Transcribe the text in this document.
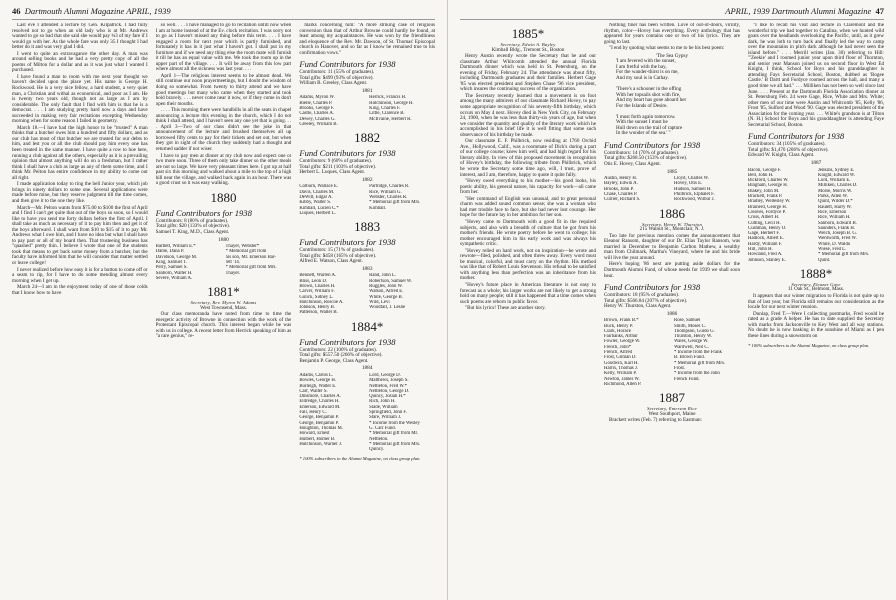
46 Dartmouth Alumni Magazine APRIL, 1939

Last eve I attended a lecture by Gen. Kilpatrick. I had fully resolved not to go when an old lady who is at Mr. Andrews wanted to go so bad that she said she would pay ¾3 of my fare if I would go with her. As the whole fare was only 35 I thought I had better do it and was very glad I did.

I went to quite an extravagance the other day. A man was around selling books and he had a very pretty copy of all the poems of Milton for a dollar and as it was just what I wanted I purchased.

I have found a man to room with me next year thought we haven't decided upon the place yet. His name is George H. Rockwood. He is a very nice fellow, a hard student, a very quiet man, a Christian and withal as economical, and poor as I am. He is twenty two years old, though not as large as I am by considerable. The only fault that I find with him is that he is a democrat. . . . I am studying pretty hard now a days and have succeeded in making very fair recitations excepting Wednesday morning when for some reason I failed in geometry.

March 18.—I have had the high honor to be "trusted" A man thinks that a butcher owes him a hundred and fifty dollars, and as our club has most of that butcher we are trusted for our debts to him, and lest you or all the club should pay him every one has been treated in the same manner. I have quite a row to hoe here, running a club against all the others, especially as it is a prevailing opinion that almost anything will do on a freshman, but I rather think I shall have a club as large as any of them some time, and I think Mr. Pelton has entire confidence in my ability to come out all right.

I made application today to ring the bell Junior year, which job brings in ninety dollars to some one. Several applications were made before mine, but they reserve judgment till the time comes, and then give it to the one they like.

March—Mr. Pelton wants from $75.00 to $100 the first of April and I find I can't get quite that out of the boys so soon, so I would like to have you send me forty dollars before the first of April. I shall take as much as necessary of it to pay him then and get it of the boys afterward. I shall want from $10 to $15 of it to pay Mr. Andrews what I owe him, and I have no idea but what I shall have to pay part or all of my board then. That trusteeing business has "quashed" pretty thin. I believe I wrote that one of the students took that means to get back some money from a butcher, but the faculty have informed him that he will consider that matter settled or leave college!

I never realized before how easy it is for a button to come off or a seam to rip, for I have to do some mending almost every morning when I get up.

March 24—I am in the enjoyment today of one of those colds that I know how to have

so well. . . . I have managed to go to recitation untill now when I am at home instead of at the Ev. clock recitation. I was sorry not to go as I haven't missed any thing before this term. . . . I have engaged a room for next year which is partly furnished, and fortunately it has in it just what I haven't got. I shall put in my furniture and if we need any thing else the room mate will furnish it till he has an equal value with me. We took the room up in the upper part of the village. . . . It will be away from this low part where almost all the sickness was last year. . . .

April 1—The religious interest seems to be almost dead. We still continue our noon prayermeetings, but I doubt the wisdom of doing so somewhat. From twenty to thirty attend and we have good meetings but many who came when they started and took hold bravely. . . . never come near it now, or if they come in don't open their mouths.

. . . . This morning there were handbills in all the seats in chapel announcing a lecture this evening in the church, which I do not think I shall attend, and I haven't seen any one yet that is going. . . . April 3—Two of our class didn't see the joke in that announcement of the lecture and brushed themselves all up borrowed fifty cents to pay for their tickets and set out, but when they got in sight of the church they suddenly had a thought and returned sadder if not wiser.

I have to pay men at dinner at my club now and expect one or two more soon. Three of them only take dinner so the other meals are not so large. We have very pleasant times here. I got up at half past six this morning and walked about a mile to the top of a high hill near the village, and walked back again in an hour. There was a good crust so it was easy walking.

1880
Fund Contributors for 1938
Contributors: 8 (80% of graduates).
Total gifts: $20 (133% of objective).
Samuel T. King, M.D., Class Agent.
1880
Bartlett, William E.*	Thayer, Webster*
Dame, Dana P.	* Memorial gift from
Davidson, George M.	his son, Mr. Emerson Bar-
King, Samuel T.	rett '14.
Perry, Samuel S.	* Memorial gift from Mrs.
Sanborn, Walter H.	Thayer.
Severe, William A.
1881*
Secretary, Rev. Myron W. Adams
West Townsend, Mass.

Our class memoranda have noted from time to time the energetic activity of Browne in connection with the work of the Protestant Episcopal church. This interest began while he was with us in college. A recent letter from Herrick speaking of him as "a rare genius," re-

marks concerning him: "A more striking case of religious conversion than that of Arthur Browne could hardly be found, at least among my acquaintances. He was won by the friendliness and eloquence of the Rev. Mr. Dawson, of St. Thomas' Episcopal church in Hanover, and so far as I know he remained true to his confirmation vows."

Fund Contributors for 1938
Contributors: 11 (55% of graduates).
Total gifts: $499 (93% of objective).
William B. Greeley, Class Agent.
1881
Adams, Myron W.	Herrick, Francis H.
Bielle, Charles P.	Hutchinson, George H.
Brooks, George F.	King, Charles F.
Castle, Charles A.	Little, Clarence B.
Dewey, Charles G.	McIlvaine, Herbert R.
Greeley, William B.
1882
Fund Contributors for 1938
Contributors: 9 (60% of graduates).
Total gifts: $211 (103% of objective).
Herbert L. Luques, Class Agent.
1882
Colburn, Wallace E.	Partridge, Charles R.
Davis, Charles M.	Rice, William G.
DeWitt, Edgar A.	Webster, Charles R.
Kibby, Walter S.	* Memorial gift from Mrs.
Kimball, Lucien C.*	Kimball.
Luques, Herbert L.
1883
Fund Contributors for 1938
Contributors: 15 (71% of graduates).
Total gifts: $458 (165% of objective).
Alfred E. Watson, Class Agent.
1883
Bennett, Warren A.	Rand, John L.
Bliss, Leon D.	Robertson, Samuel W.
Brown, Charles H.	Ruggles, John W.
Carver, William F.	Watson, Alfred E.
Gulick, Sidney L.	White, George B.
Hutchinson, Roscoe A.	Wild, Levi
Johnson, Henry B.	Woodfall, J. Leslie
Patterson, Walter B.
1884*
Fund Contributors for 1938
Contributors: 22 (100% of graduates).
Total gifts: $557.50 (266% of objective).
Benjamin P. George, Class Agent.
1884
Adams, Carlos L.	Lord, George D.
Bowles, George H.	Matthews, Joseph S.
Burleigh, Walter E.	Nettleton, Fred W.*
Carr, Walter S.	Nettleton, George D.
Dinsmore, Charles A.	Quincy, Josiah H.*
Eldredge, Charles H.	Rich, John H.
Emerson, Edward M.	Slade, William
Fall, Henry C.	Springfield, John F.
George, Benjamin P.	Stare, William J.
George, Benjamin P.	* Income from the Wesley
Houghton, Thomas M.	G. Carr Fund.
Howard, Ernest	* Memorial gift from Mr.
Hulbert, Homer B.	Nettleton.
Hutchinson, Warner J.	* Memorial gift from Mrs.
Quincy.
* 100% subscribers to the Alumni Magazine, on class group plan.
APRIL, 1939 Dartmouth Alumni Magazine 47
1885*
Secretary, Edwin A. Bayley
Kimball Bldg., Tremont St., Boston

Henry Austin recently wrote the Secretary that he and our classmate Arthur Whitcomb attended the annual Florida Dartmouth dinner which was held in St. Petersburg, on the evening of Friday, February 24. The attendance was about fifty, including Dartmouth graduates and their families. Herbert Gage '85 was elected president and Stephen Chase '96 vice president, which insures the continuing success of the organization.

The Secretary recently learned that a movement is on foot among the many admirers of our classmate Richard Hovey, to pay some appropriate recognition of his seventy-fifth birthday, which occurs on May 4 next. Hovey died in New York City, on February 24, 1900, when he was less than thirty-six years of age, but when we consider the quantity and quality of the literary work which he accomplished in his brief life it is well fitting that some such observance of his birthday be made.

Our classmate E. F. Philbrick, now residing at 1760 Orchid Ave., Hollywood, Calif., was a roommate of Dick's during a part of our college course; knew him well, and had high regard for his literary ability. In view of this proposed movement in recognition of Hovey's birthday, the following tribute from Philbrick, which he wrote the Secretary some time ago, will, I trust, prove of interest, and I am, therefore, happy to quote it quite fully.

"Hovey owed everything to his mother—his good looks, his poetic ability, his general nature, his capacity for work—all came from her.

"Her command of English was unusual, and to great personal charm was added sound common sense; she was a woman who had met trouble face to face, but she had never lost courage. Her hope for the future lay in her ambition for her son.

"Hovey came to Dartmouth with a good fit in the required subjects, and also with a breadth of culture that he got from his mother's friends. He wrote poetry before he went to college; his mother encouraged him in his early work and was always his sympathetic critic.

"Hovey relied on hard work, not on inspiration—he wrote and rewrote—filed, polished, and often threw away. Every word must be musical, colorful, and must carry on the rhythm. His method was like that of Robert Louis Stevenson. His refusal to be satisfied with anything less than perfection was an inheritance from his mother.

"Hovey's future place in American literature is not easy to forecast as a whole; his larger works are not likely to get a strong hold on many people; still it has happened that a time comes when such poems are reborn in public favor.

"But his lyrics! These are another story.

Nothing finer has been written. Love of out-of-doors, virility, rhythm, color—Hovey has everything. Every anthology that has appeared for years contains one or two of his lyrics. They are going to last.

"I end by quoting what seems to me to be his best poem:

'The Sea Gypsy
'I am fevered with the sunset,
I am fretful with the bay,
For the wander-thirst is on me,
And my soul is in Cathay.

'There's a schooner in the offing
With her topsails shot with fire,
And my heart has gone aboard her
For the Islands of Desire.

'I must forth again tomorrow.
With the sunset I must be
Hull down on the trail of rapture
In the wonder of the sea.' "
Fund Contributors for 1938
Contributors: 14 (70% of graduates).
Total gifts: $268.50 (153% of objective).
Otis E. Hovey, Class Agent.
1885
Austin, Henry H.	Lloyd, Charles W.
Bayley, Edwin A.	Hovey, Otis E.
Brooks, John P.	Hudson, Samuel H.
Chase, Charles P.	Philbrick, Elphalet F.
Currier, Richard S.	Rockwood, Wilbur J.
1886
Secretary, Henry W. Thurston
215 Walnut St., Montclair, N. J.

Too late for previous mention comes the announcement that Eleanor Ransom, daughter of our Dr. Elias Taylor Ransom, was married in December to Benjamin Carlton Mathew, a wealthy man from Chilmark, Martha's Vineyard, where he and his bride will live the year around.

Here's hoping '86 next are putting aside dollars for the Dartmouth Alumni Fund, of whose needs for 1939 we shall soon hear.

Fund Contributors for 1938
Contributors: 18 (95% of graduates).
Total gifts: $566.84 (207% of objective).
Henry W. Thurston, Class Agent.
1886
Brown, Frank B.*	Rose, Samuel
Buck, Henry P.	Smith, Moses C.
Clark, Horace	Thompson, Guido G.
Fairbanks, Arthur	Thurston, Henry W.
Fowler, George W.	Wales, George W.
French, John*	Wardwell, Neil C.
French, Alfred	* Income from the Frank
Frost, Gilman D.	B. Brown Fund.
Goodwin, Karl H.	* Memorial gift from Mrs.
Harris, Thomas J.	Frost.
Kelly, William P.	* Income from the John
Newton, James W.	French Fund.
Richmond, Allen P.
1887
Secretary, Emerson Rice
West Southport, Maine

Brackett writes (Feb. 7) referring to Eastman:

"I like to recall his visit and lecture in Claremont and the wonderful trip we had together to Catalina, when we hunted wild goats over the headlands overlooking the Pacific, until, as it grew dark, he was loth to turn back and finally led the way to camp over the mountains in pitch dark although he had never seen the island before." . . . Merrill writes (Jan. 30) referring to Hill: "'Zeekie' and I roomed junior year upon third floor of Thornton, and senior year Manson joined us on second floor in West Ed Knight, I think, School for Boys and his granddaughter is attending Fays Secretarial School, Boston, dubbed as 'Bogee Castle.' B Dartt and Fordyce roomed across the hall, and many a good time we all had." . . . Milliken has not been so well since last June. . . . Present at the Dartmouth Florida Association dinner at St. Petersburg Feb. 24 were Gage, Rice, White and Mrs. White; other men of our time were Austin and Whitcomb '85, Kelly '86, Frost '85, Sulford and Wood '90. Gage was elected president of the Association for the coming year. . . . White's grandson is at Tilton (N. H.) School for Boys and his granddaughter is attending Faye Secretarial School, Boston.

Fund Contributors for 1938
Contributors: 34 (105% of graduates).
Total gifts: $1,470 (206% of objective).
Edward W. Knight, Class Agent.
1887
Bacon, George F.	Jenkins, Sydney E.
Bell, John H.	Knight, Edward W.
Bickford, Charles W.	Lord, William E.
Bingham, George H.	Milliken, Charles D.
Blakey, John M.	Morse, Morris W.
Brackett, Frank P.	Parks, Allen W.
Bradley, Wellesley W.	Quint, Wilder D.*
Brainerd, George H.	Raulett, Harry W.
Cleaves, Fordyce P.	Rice, Emerson
Cross, Albert H.	Rice, William H.
Cutting, Cecil H.	Sanborn, Edward B.
Cushman, Henry O.	Saunders, Frank H.
Gage, Herbert F.	Welch, Joseph B. G.
Hadlock, Albert E.	Wentworth, Fred W.
Hardy, William F.	White, D. Waldo
Hill, John H.	Wiese, Fred L.
Howland, Fred A.	* Memorial gift from Mrs.
Johnson, Stanley E.	Quint.
1888*
Secretary, Eleazar Gaye
11 Oak St., Belmont, Mass.

It appears that our winter migration to Florida is not quite up to that of last year, but Florida still remains our consideration as the locale for our next winter reunion.

Dunlap, Fred T.—Were I collecting postmarks, Fred would be rated as a grade A helper. He has to date supplied the Secretary with marks from Jacksonville to Key West and all way stations. No doubt he is now basking in the sunshine of Miami as I pen these lines during a snowstorm on

* 100% subscribers to the Alumni Magazine, on class group plan.
